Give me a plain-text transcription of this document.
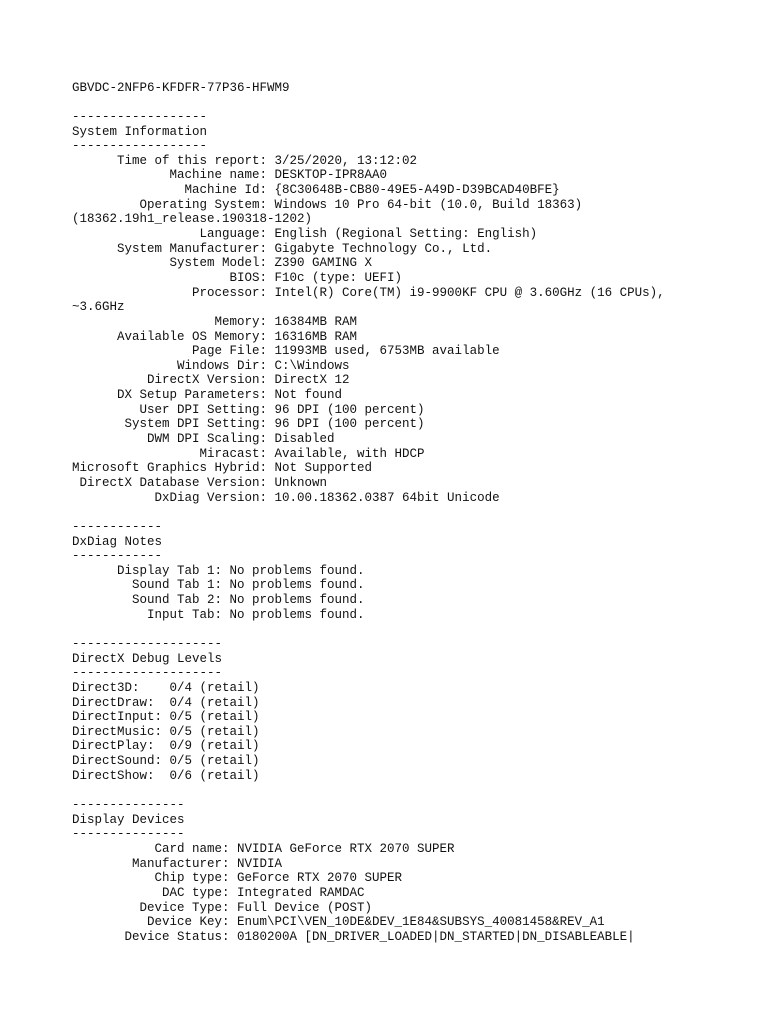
GBVDC-2NFP6-KFDFR-77P36-HFWM9
------------------
System Information
------------------
Time of this report: 3/25/2020, 13:12:02
Machine name: DESKTOP-IPR8AA0
Machine Id: {8C30648B-CB80-49E5-A49D-D39BCAD40BFE}
Operating System: Windows 10 Pro 64-bit (10.0, Build 18363)
(18362.19h1_release.190318-1202)
Language: English (Regional Setting: English)
System Manufacturer: Gigabyte Technology Co., Ltd.
System Model: Z390 GAMING X
BIOS: F10c (type: UEFI)
Processor: Intel(R) Core(TM) i9-9900KF CPU @ 3.60GHz (16 CPUs),
~3.6GHz
Memory: 16384MB RAM
Available OS Memory: 16316MB RAM
Page File: 11993MB used, 6753MB available
Windows Dir: C:\Windows
DirectX Version: DirectX 12
DX Setup Parameters: Not found
User DPI Setting: 96 DPI (100 percent)
System DPI Setting: 96 DPI (100 percent)
DWM DPI Scaling: Disabled
Miracast: Available, with HDCP
Microsoft Graphics Hybrid: Not Supported
DirectX Database Version: Unknown
DxDiag Version: 10.00.18362.0387 64bit Unicode
------------
DxDiag Notes
------------
Display Tab 1: No problems found.
Sound Tab 1: No problems found.
Sound Tab 2: No problems found.
Input Tab: No problems found.
--------------------
DirectX Debug Levels
--------------------
Direct3D:    0/4 (retail)
DirectDraw:  0/4 (retail)
DirectInput: 0/5 (retail)
DirectMusic: 0/5 (retail)
DirectPlay:  0/9 (retail)
DirectSound: 0/5 (retail)
DirectShow:  0/6 (retail)
---------------
Display Devices
---------------
Card name: NVIDIA GeForce RTX 2070 SUPER
Manufacturer: NVIDIA
Chip type: GeForce RTX 2070 SUPER
DAC type: Integrated RAMDAC
Device Type: Full Device (POST)
Device Key: Enum\PCI\VEN_10DE&DEV_1E84&SUBSYS_40081458&REV_A1
Device Status: 0180200A [DN_DRIVER_LOADED|DN_STARTED|DN_DISABLEABLE|
